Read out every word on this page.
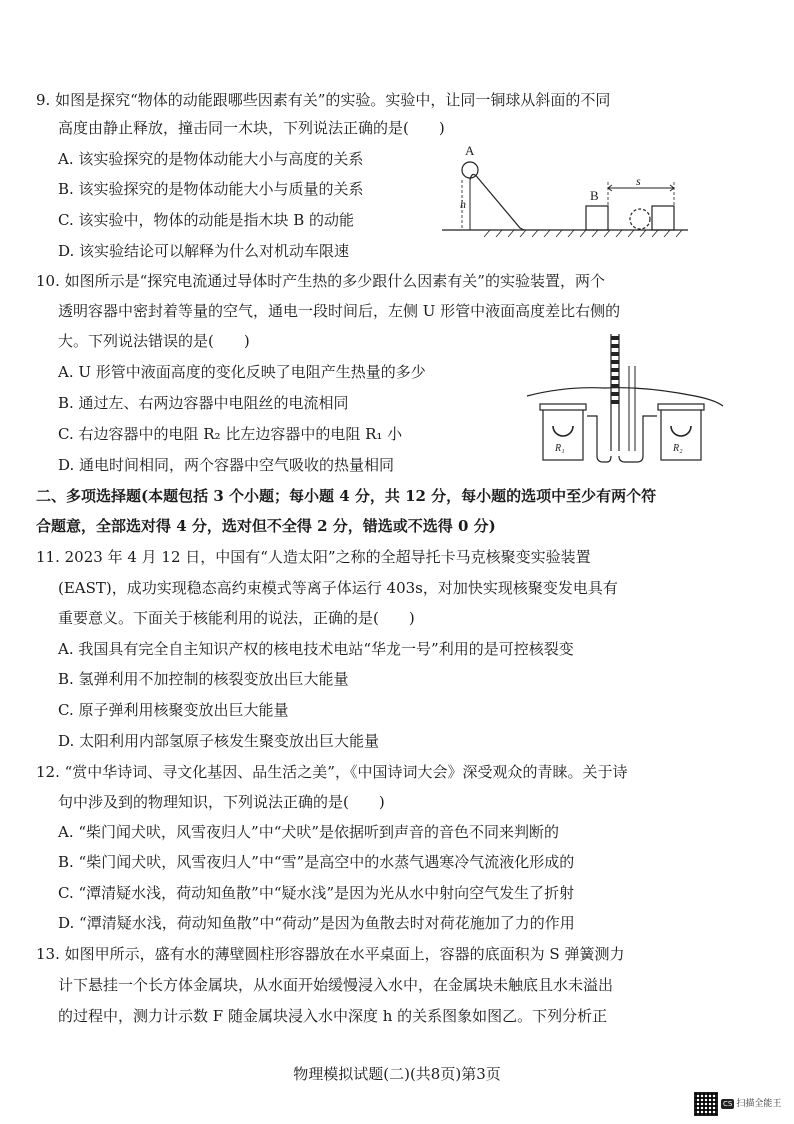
9. 如图是探究“物体的动能跟哪些因素有关”的实验。实验中，让同一铜球从斜面的不同
高度由静止释放，撞击同一木块，下列说法正确的是(　　)
A. 该实验探究的是物体动能大小与高度的关系
B. 该实验探究的是物体动能大小与质量的关系
C. 该实验中，物体的动能是指木块 B 的动能
D. 该实验结论可以解释为什么对机动车限速
A
h
B
s
10. 如图所示是“探究电流通过导体时产生热的多少跟什么因素有关”的实验装置，两个
透明容器中密封着等量的空气，通电一段时间后，左侧 U 形管中液面高度差比右侧的
大。下列说法错误的是(　　)
A. U 形管中液面高度的变化反映了电阻产生热量的多少
B. 通过左、右两边容器中电阻丝的电流相同
C. 右边容器中的电阻 R₂ 比左边容器中的电阻 R₁ 小
D. 通电时间相同，两个容器中空气吸收的热量相同
R₁	R₂
二、多项选择题(本题包括 3 个小题；每小题 4 分，共 12 分，每小题的选项中至少有两个符
合题意，全部选对得 4 分，选对但不全得 2 分，错选或不选得 0 分)
11. 2023 年 4 月 12 日，中国有“人造太阳”之称的全超导托卡马克核聚变实验装置
(EAST)，成功实现稳态高约束模式等离子体运行 403s，对加快实现核聚变发电具有
重要意义。下面关于核能利用的说法，正确的是(　　)
A. 我国具有完全自主知识产权的核电技术电站“华龙一号”利用的是可控核裂变
B. 氢弹利用不加控制的核裂变放出巨大能量
C. 原子弹利用核聚变放出巨大能量
D. 太阳利用内部氢原子核发生聚变放出巨大能量
12. “赏中华诗词、寻文化基因、品生活之美”，《中国诗词大会》深受观众的青睐。关于诗
句中涉及到的物理知识，下列说法正确的是(　　)
A. “柴门闻犬吠，风雪夜归人”中“犬吠”是依据听到声音的音色不同来判断的
B. “柴门闻犬吠，风雪夜归人”中“雪”是高空中的水蒸气遇寒冷气流液化形成的
C. “潭清疑水浅，荷动知鱼散”中“疑水浅”是因为光从水中射向空气发生了折射
D. “潭清疑水浅，荷动知鱼散”中“荷动”是因为鱼散去时对荷花施加了力的作用
13. 如图甲所示，盛有水的薄壁圆柱形容器放在水平桌面上，容器的底面积为 S 弹簧测力
计下悬挂一个长方体金属块，从水面开始缓慢浸入水中，在金属块未触底且水未溢出
的过程中，测力计示数 F 随金属块浸入水中深度 h 的关系图象如图乙。下列分析正
物理模拟试题(二)(共8页)第3页
CS 扫描全能王
